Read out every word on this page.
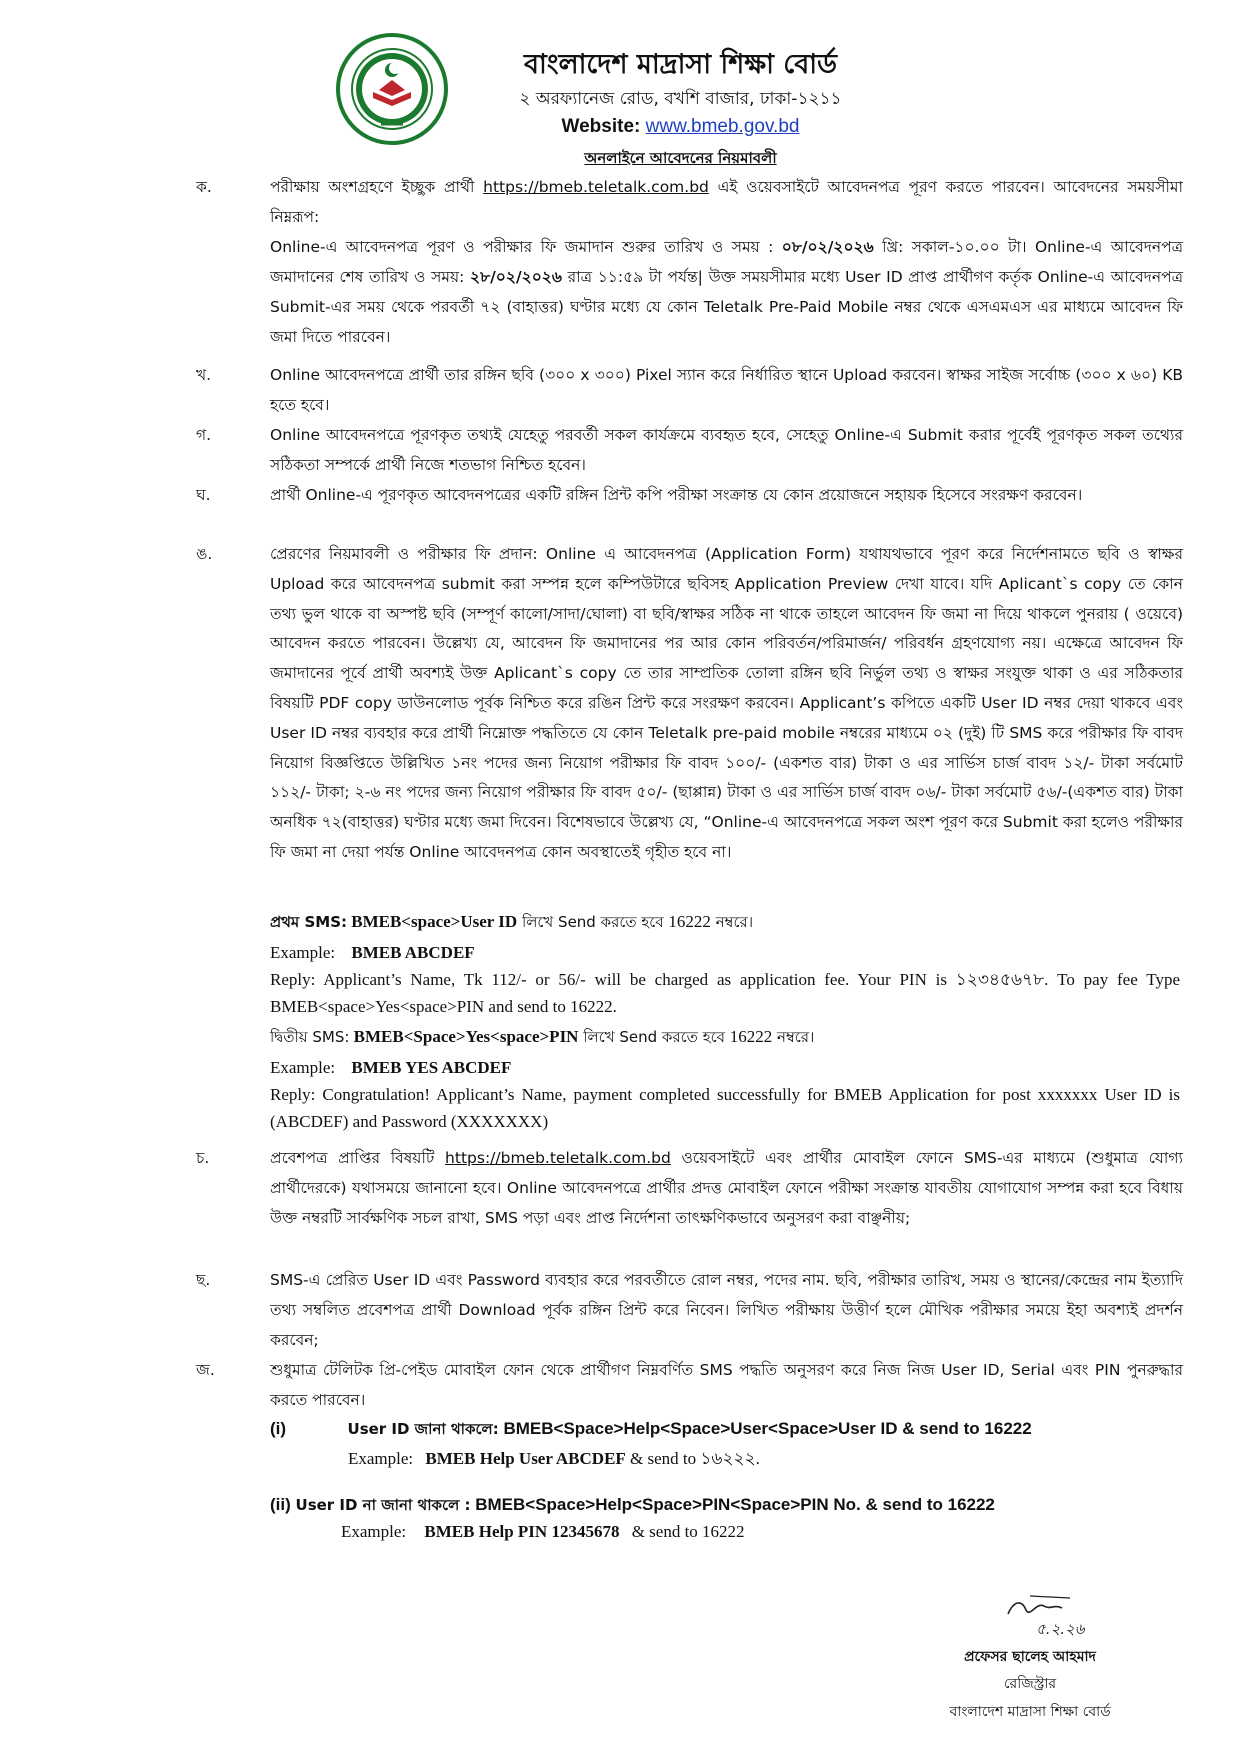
বাংলাদেশ মাদ্রাসা শিক্ষা বোর্ড
২ অরফ্যানেজ রোড, বখশি বাজার, ঢাকা-১২১১
Website: www.bmeb.gov.bd
অনলাইনে আবেদনের নিয়মাবলী
ক.	পরীক্ষায় অংশগ্রহণে ইচ্ছুক প্রার্থী https://bmeb.teletalk.com.bd এই ওয়েবসাইটে আবেদনপত্র পূরণ করতে পারবেন। আবেদনের সময়সীমা নিম্নরূপ:
Online-এ আবেদনপত্র পূরণ ও পরীক্ষার ফি জমাদান শুরুর তারিখ ও সময় : ০৮/০২/২০২৬ খ্রি: সকাল-১০.০০ টা। Online-এ আবেদনপত্র জমাদানের শেষ তারিখ ও সময়: ২৮/০২/২০২৬ রাত্র ১১:৫৯ টা পর্যন্ত| উক্ত সময়সীমার মধ্যে User ID প্রাপ্ত প্রার্থীগণ কর্তৃক Online-এ আবেদনপত্র Submit-এর সময় থেকে পরবর্তী ৭২ (বাহাত্তর) ঘণ্টার মধ্যে যে কোন Teletalk Pre-Paid Mobile নম্বর থেকে এসএমএস এর মাধ্যমে আবেদন ফি জমা দিতে পারবেন।
খ.	Online আবেদনপত্রে প্রার্থী তার রঙ্গিন ছবি (৩০০ x ৩০০) Pixel স্যান করে নির্ধারিত স্থানে Upload করবেন। স্বাক্ষর সাইজ সর্বোচ্চ (৩০০ x ৬০) KB হতে হবে।
গ.	Online আবেদনপত্রে পূরণকৃত তথ্যই যেহেতু পরবর্তী সকল কার্যক্রমে ব্যবহৃত হবে, সেহেতু Online-এ Submit করার পূর্বেই পূরণকৃত সকল তথ্যের সঠিকতা সম্পর্কে প্রার্থী নিজে শতভাগ নিশ্চিত হবেন।
ঘ.	প্রার্থী Online-এ পূরণকৃত আবেদনপত্রের একটি রঙ্গিন প্রিন্ট কপি পরীক্ষা সংক্রান্ত যে কোন প্রয়োজনে সহায়ক হিসেবে সংরক্ষণ করবেন।
ঙ.	প্রেরণের নিয়মাবলী ও পরীক্ষার ফি প্রদান: Online এ আবেদনপত্র (Application Form) যথাযথভাবে পূরণ করে নির্দেশনামতে ছবি ও স্বাক্ষর Upload করে আবেদনপত্র submit করা সম্পন্ন হলে কম্পিউটারে ছবিসহ Application Preview দেখা যাবে। যদি Aplicant`s copy তে কোন তথ্য ভুল থাকে বা অস্পষ্ট ছবি (সম্পূর্ণ কালো/সাদা/ঘোলা) বা ছবি/স্বাক্ষর সঠিক না থাকে তাহলে আবেদন ফি জমা না দিয়ে থাকলে পুনরায় ( ওয়েবে) আবেদন করতে পারবেন। উল্লেখ্য যে, আবেদন ফি জমাদানের পর আর কোন পরিবর্তন/পরিমার্জন/ পরিবর্ধন গ্রহণযোগ্য নয়। এক্ষেত্রে আবেদন ফি জমাদানের পূর্বে প্রার্থী অবশ্যই উক্ত Aplicant`s copy তে তার সাম্প্রতিক তোলা রঙ্গিন ছবি নির্ভুল তথ্য ও স্বাক্ষর সংযুক্ত থাকা ও এর সঠিকতার বিষয়টি PDF copy ডাউনলোড পূর্বক নিশ্চিত করে রঙিন প্রিন্ট করে সংরক্ষণ করবেন। Applicant’s কপিতে একটি User ID নম্বর দেয়া থাকবে এবং User ID নম্বর ব্যবহার করে প্রার্থী নিম্নোক্ত পদ্ধতিতে যে কোন Teletalk pre-paid mobile নম্বরের মাধ্যমে ০২ (দুই) টি SMS করে পরীক্ষার ফি বাবদ নিয়োগ বিজ্ঞপ্তিতে উল্লিখিত ১নং পদের জন্য নিয়োগ পরীক্ষার ফি বাবদ ১০০/- (একশত বার) টাকা ও এর সার্ভিস চার্জ বাবদ ১২/- টাকা সর্বমোট ১১২/- টাকা; ২-৬ নং পদের জন্য নিয়োগ পরীক্ষার ফি বাবদ ৫০/- (ছাপ্পান্ন) টাকা ও এর সার্ভিস চার্জ বাবদ ০৬/- টাকা সর্বমোট ৫৬/-(একশত বার) টাকা অনধিক ৭২(বাহাত্তর) ঘণ্টার মধ্যে জমা দিবেন। বিশেষভাবে উল্লেখ্য যে, “Online-এ আবেদনপত্রে সকল অংশ পূরণ করে Submit করা হলেও পরীক্ষার ফি জমা না দেয়া পর্যন্ত Online আবেদনপত্র কোন অবস্থাতেই গৃহীত হবে না।
প্রথম SMS: BMEB<space>User ID লিখে Send করতে হবে 16222 নম্বরে।
Example: BMEB ABCDEF
Reply: Applicant’s Name, Tk 112/- or 56/- will be charged as application fee. Your PIN is ১২৩৪৫৬৭৮. To pay fee Type BMEB<space>Yes<space>PIN and send to 16222.
দ্বিতীয় SMS: BMEB<Space>Yes<space>PIN লিখে Send করতে হবে 16222 নম্বরে।
Example: BMEB YES ABCDEF
Reply: Congratulation! Applicant’s Name, payment completed successfully for BMEB Application for post xxxxxxx User ID is (ABCDEF) and Password (XXXXXXX)
চ.	প্রবেশপত্র প্রাপ্তির বিষয়টি https://bmeb.teletalk.com.bd ওয়েবসাইটে এবং প্রার্থীর মোবাইল ফোনে SMS-এর মাধ্যমে (শুধুমাত্র যোগ্য প্রার্থীদেরকে) যথাসময়ে জানানো হবে। Online আবেদনপত্রে প্রার্থীর প্রদত্ত মোবাইল ফোনে পরীক্ষা সংক্রান্ত যাবতীয় যোগাযোগ সম্পন্ন করা হবে বিধায় উক্ত নম্বরটি সার্বক্ষণিক সচল রাখা, SMS পড়া এবং প্রাপ্ত নির্দেশনা তাৎক্ষণিকভাবে অনুসরণ করা বাঞ্ছনীয়;
ছ.	SMS-এ প্রেরিত User ID এবং Password ব্যবহার করে পরবর্তীতে রোল নম্বর, পদের নাম. ছবি, পরীক্ষার তারিখ, সময় ও স্থানের/কেন্দ্রের নাম ইত্যাদি তথ্য সম্বলিত প্রবেশপত্র প্রার্থী Download পূর্বক রঙ্গিন প্রিন্ট করে নিবেন। লিখিত পরীক্ষায় উত্তীর্ণ হলে মৌখিক পরীক্ষার সময়ে ইহা অবশ্যই প্রদর্শন করবেন;
জ.	শুধুমাত্র টেলিটক প্রি-পেইড মোবাইল ফোন থেকে প্রার্থীগণ নিম্নবর্ণিত SMS পদ্ধতি অনুসরণ করে নিজ নিজ User ID, Serial এবং PIN পুনরুদ্ধার করতে পারবেন।
(i)	User ID জানা থাকলে: BMEB<Space>Help<Space>User<Space>User ID & send to 16222
Example: BMEB Help User ABCDEF & send to ১৬২২২.
(ii) User ID না জানা থাকলে : BMEB<Space>Help<Space>PIN<Space>PIN No. & send to 16222
Example: BMEB Help PIN 12345678 & send to 16222
৫.২.২৬
প্রফেসর ছালেহ আহমাদ
রেজিস্ট্রার
বাংলাদেশ মাদ্রাসা শিক্ষা বোর্ড
